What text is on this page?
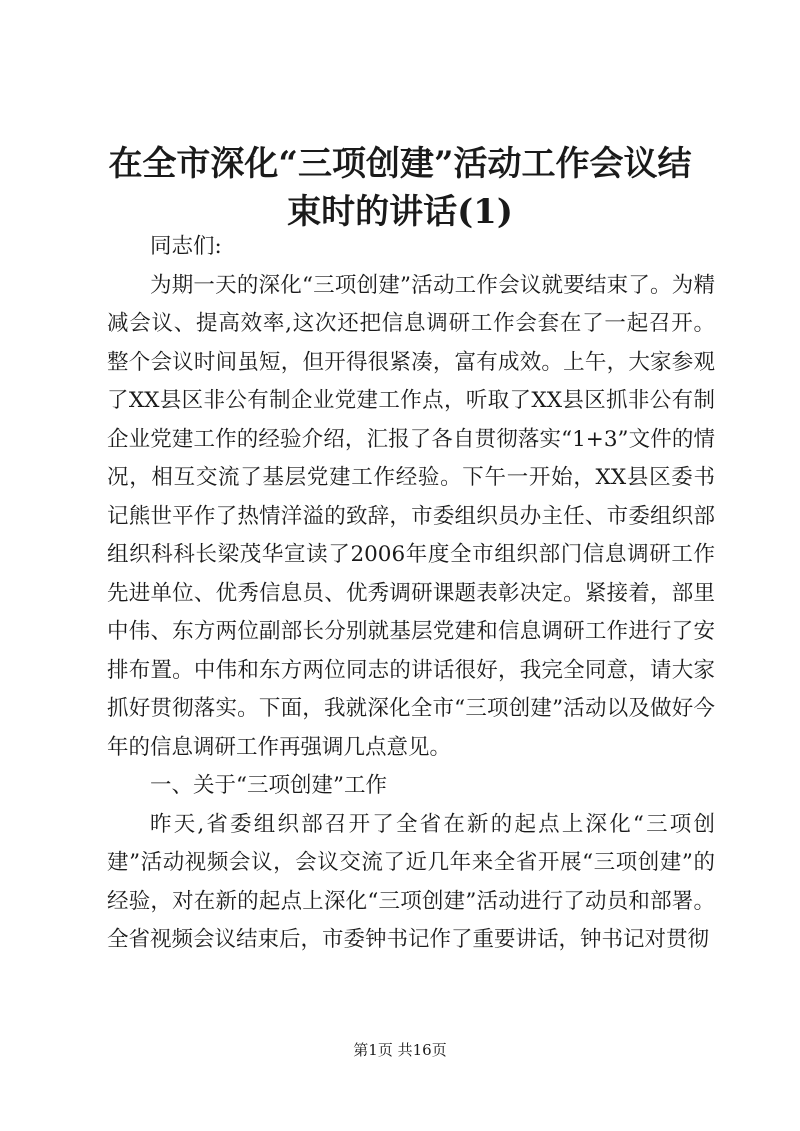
在全市深化“三项创建”活动工作会议结束时的讲话(1)

同志们:

为期一天的深化“三项创建”活动工作会议就要结束了。为精减会议、提高效率,这次还把信息调研工作会套在了一起召开。整个会议时间虽短，但开得很紧凑，富有成效。上午，大家参观了XX县区非公有制企业党建工作点，听取了XX县区抓非公有制企业党建工作的经验介绍，汇报了各自贯彻落实“1+3”文件的情况，相互交流了基层党建工作经验。下午一开始，XX县区委书记熊世平作了热情洋溢的致辞，市委组织员办主任、市委组织部组织科科长梁茂华宣读了2006年度全市组织部门信息调研工作先进单位、优秀信息员、优秀调研课题表彰决定。紧接着，部里中伟、东方两位副部长分别就基层党建和信息调研工作进行了安排布置。中伟和东方两位同志的讲话很好，我完全同意，请大家抓好贯彻落实。下面，我就深化全市“三项创建”活动以及做好今年的信息调研工作再强调几点意见。

一、关于“三项创建”工作

昨天,省委组织部召开了全省在新的起点上深化“三项创建”活动视频会议，会议交流了近几年来全省开展“三项创建”的经验，对在新的起点上深化“三项创建”活动进行了动员和部署。全省视频会议结束后，市委钟书记作了重要讲话，钟书记对贯彻

第1页 共16页
